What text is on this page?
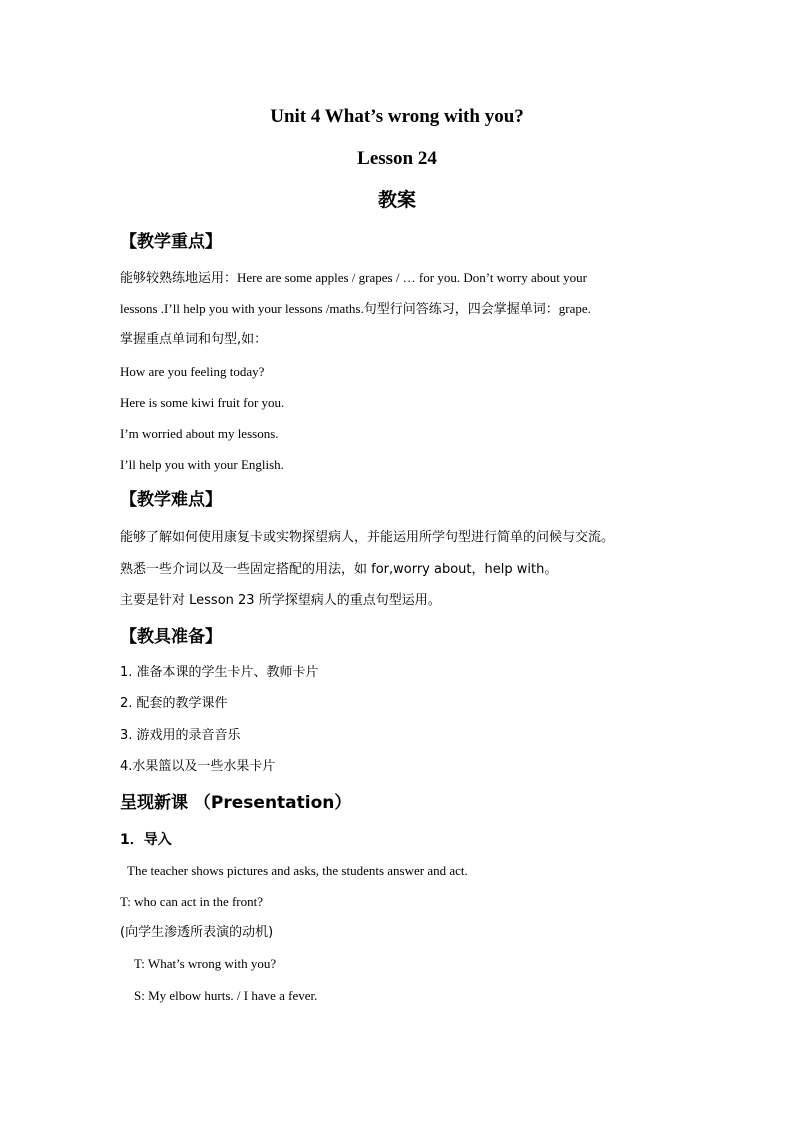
Unit 4 What’s wrong with you?
Lesson 24
教案
【教学重点】
能够较熟练地运用：Here are some apples / grapes / … for you. Don’t worry about your
lessons .I’ll help you with your lessons /maths.句型行问答练习，四会掌握单词：grape.
掌握重点单词和句型,如：
How are you feeling today?
Here is some kiwi fruit for you.
I’m worried about my lessons.
I’ll help you with your English.
【教学难点】
能够了解如何使用康复卡或实物探望病人，并能运用所学句型进行简单的问候与交流。
熟悉一些介词以及一些固定搭配的用法，如 for,worry about，help with。
主要是针对 Lesson 23 所学探望病人的重点句型运用。
【教具准备】
1. 准备本课的学生卡片、教师卡片
2. 配套的教学课件
3. 游戏用的录音音乐
4.水果篮以及一些水果卡片
呈现新课 （Presentation）
1．导入
The teacher shows pictures and asks, the students answer and act.
T: who can act in the front?
(向学生渗透所表演的动机)
T: What’s wrong with you?
S: My elbow hurts. / I have a fever.
